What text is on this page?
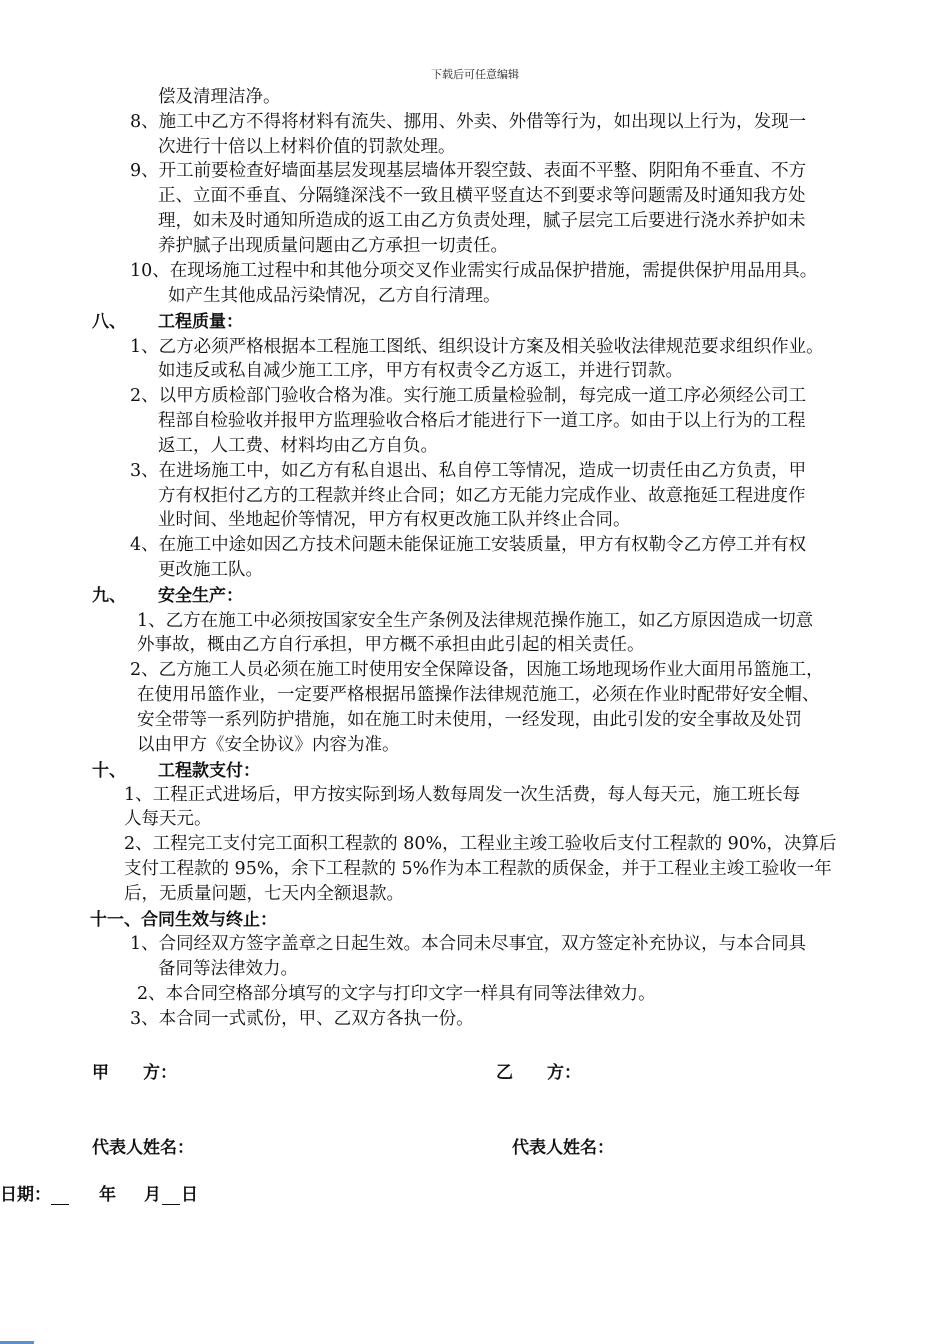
下载后可任意编辑
偿及清理洁净。
8、施工中乙方不得将材料有流失、挪用、外卖、外借等行为，如出现以上行为，发现一
次进行十倍以上材料价值的罚款处理。
9、开工前要检查好墙面基层发现基层墙体开裂空鼓、表面不平整、阴阳角不垂直、不方
正、立面不垂直、分隔缝深浅不一致且横平竖直达不到要求等问题需及时通知我方处
理，如未及时通知所造成的返工由乙方负责处理，腻子层完工后要进行浇水养护如未
养护腻子出现质量问题由乙方承担一切责任。
10、在现场施工过程中和其他分项交叉作业需实行成品保护措施，需提供保护用品用具。
如产生其他成品污染情况，乙方自行清理。
八、 工程质量：
1、乙方必须严格根据本工程施工图纸、组织设计方案及相关验收法律规范要求组织作业。
如违反或私自减少施工工序，甲方有权责令乙方返工，并进行罚款。
2、以甲方质检部门验收合格为准。实行施工质量检验制，每完成一道工序必须经公司工
程部自检验收并报甲方监理验收合格后才能进行下一道工序。如由于以上行为的工程
返工，人工费、材料均由乙方自负。
3、在进场施工中，如乙方有私自退出、私自停工等情况，造成一切责任由乙方负责，甲
方有权拒付乙方的工程款并终止合同；如乙方无能力完成作业、故意拖延工程进度作
业时间、坐地起价等情况，甲方有权更改施工队并终止合同。
4、在施工中途如因乙方技术问题未能保证施工安装质量，甲方有权勒令乙方停工并有权
更改施工队。
九、 安全生产：
1、乙方在施工中必须按国家安全生产条例及法律规范操作施工，如乙方原因造成一切意
外事故，概由乙方自行承担，甲方概不承担由此引起的相关责任。
2、乙方施工人员必须在施工时使用安全保障设备，因施工场地现场作业大面用吊篮施工，
在使用吊篮作业，一定要严格根据吊篮操作法律规范施工，必须在作业时配带好安全帽、
安全带等一系列防护措施，如在施工时未使用，一经发现，由此引发的安全事故及处罚
以由甲方《安全协议》内容为准。
十、 工程款支付：
1、工程正式进场后，甲方按实际到场人数每周发一次生活费，每人每天元，施工班长每
人每天元。
2、工程完工支付完工面积工程款的 80%，工程业主竣工验收后支付工程款的 90%，决算后
支付工程款的 95%，余下工程款的 5%作为本工程款的质保金，并于工程业主竣工验收一年
后，无质量问题，七天内全额退款。
十一、合同生效与终止：
1、合同经双方签字盖章之日起生效。本合同未尽事宜，双方签定补充协议，与本合同具
备同等法律效力。
2、本合同空格部分填写的文字与打印文字一样具有同等法律效力。
3、本合同一式贰份，甲、乙双方各执一份。
甲　　方：	乙　　方：
代表人姓名：	代表人姓名：
日期：	年 月 日
